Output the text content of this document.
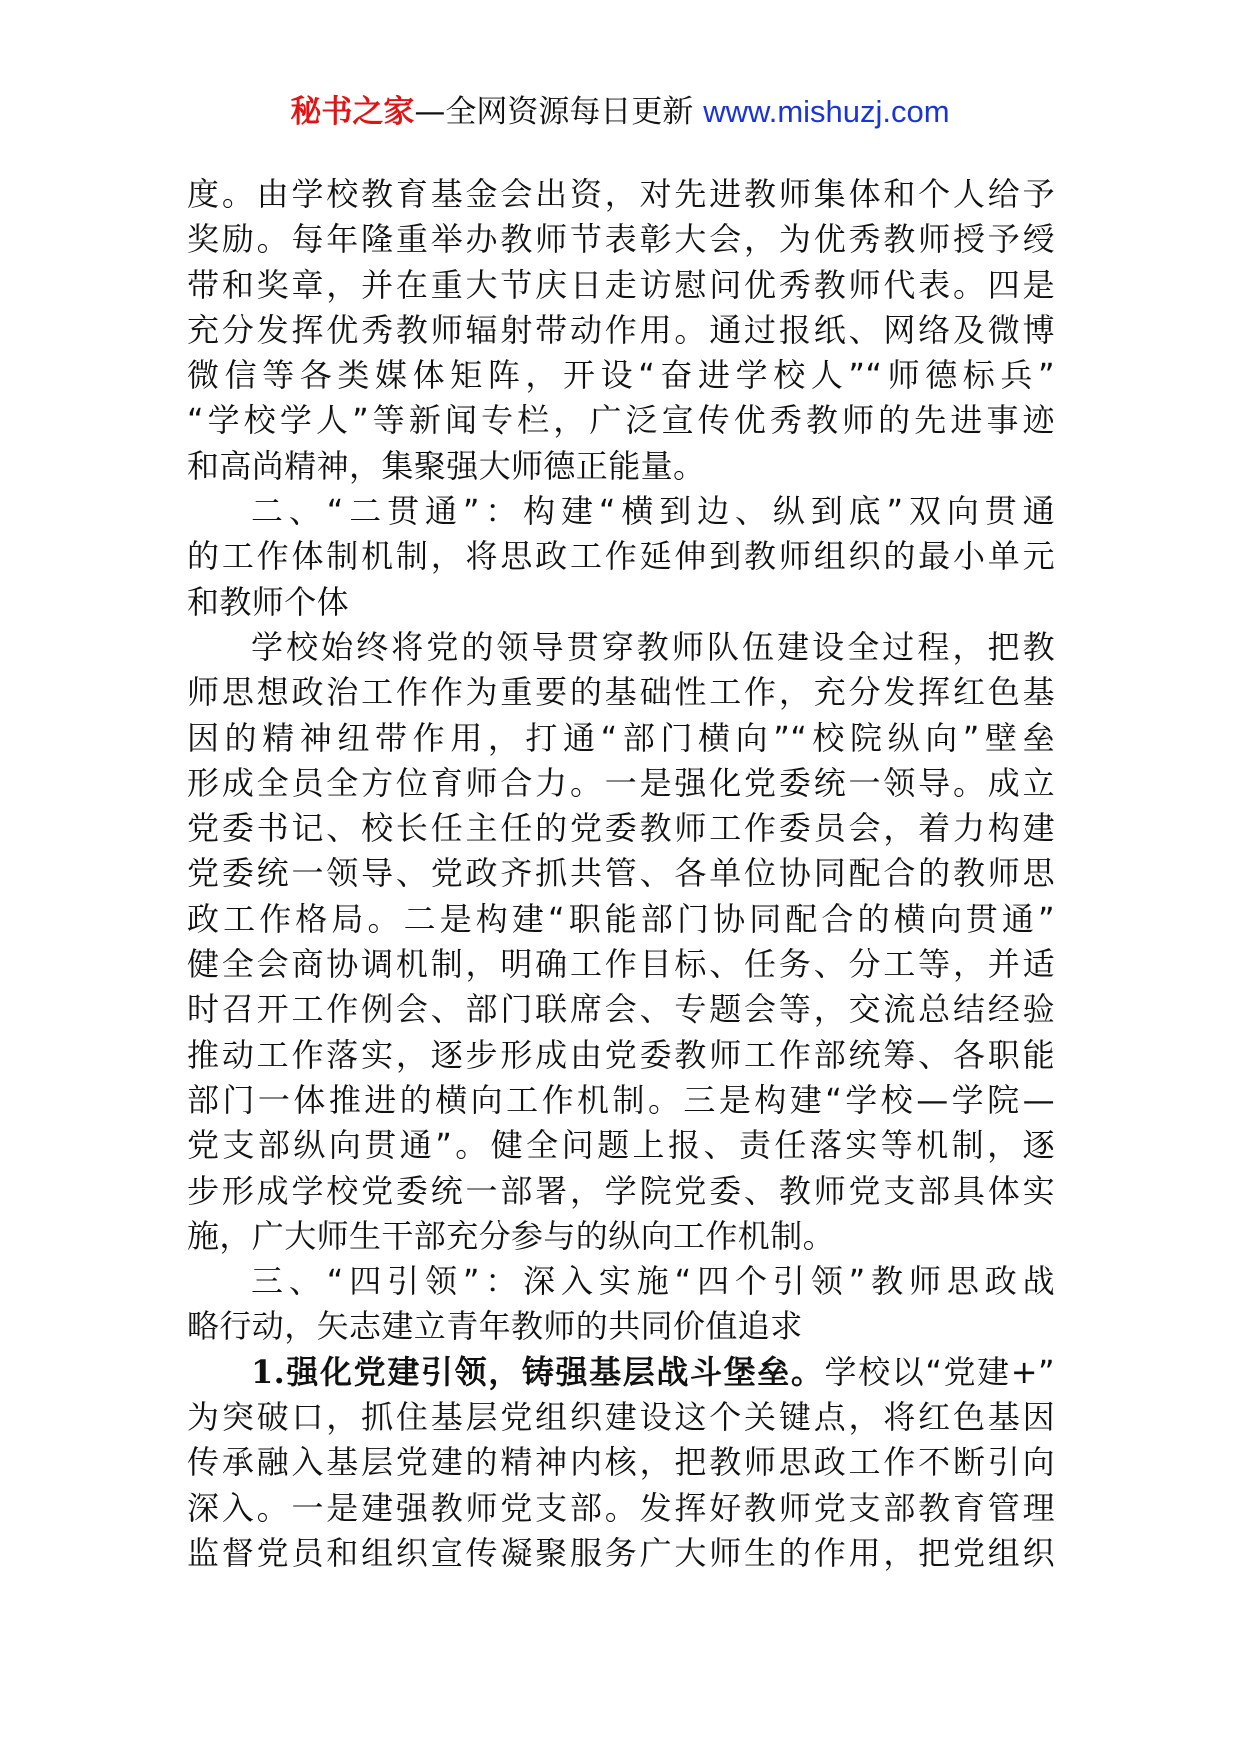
秘书之家—全网资源每日更新 www.mishuzj.com
度。由学校教育基金会出资，对先进教师集体和个人给予
奖励。每年隆重举办教师节表彰大会，为优秀教师授予绶
带和奖章，并在重大节庆日走访慰问优秀教师代表。四是
充分发挥优秀教师辐射带动作用。通过报纸、网络及微博
微信等各类媒体矩阵，开设“奋进学校人”“师德标兵”
“学校学人”等新闻专栏，广泛宣传优秀教师的先进事迹
和高尚精神，集聚强大师德正能量。
二、“二贯通”：构建“横到边、纵到底”双向贯通
的工作体制机制，将思政工作延伸到教师组织的最小单元
和教师个体
学校始终将党的领导贯穿教师队伍建设全过程，把教
师思想政治工作作为重要的基础性工作，充分发挥红色基
因的精神纽带作用，打通“部门横向”“校院纵向”壁垒
形成全员全方位育师合力。一是强化党委统一领导。成立
党委书记、校长任主任的党委教师工作委员会，着力构建
党委统一领导、党政齐抓共管、各单位协同配合的教师思
政工作格局。二是构建“职能部门协同配合的横向贯通”
健全会商协调机制，明确工作目标、任务、分工等，并适
时召开工作例会、部门联席会、专题会等，交流总结经验
推动工作落实，逐步形成由党委教师工作部统筹、各职能
部门一体推进的横向工作机制。三是构建“学校—学院—
党支部纵向贯通”。健全问题上报、责任落实等机制，逐
步形成学校党委统一部署，学院党委、教师党支部具体实
施，广大师生干部充分参与的纵向工作机制。
三、“四引领”：深入实施“四个引领”教师思政战
略行动，矢志建立青年教师的共同价值追求
1.强化党建引领，铸强基层战斗堡垒。学校以“党建+”
为突破口，抓住基层党组织建设这个关键点，将红色基因
传承融入基层党建的精神内核，把教师思政工作不断引向
深入。一是建强教师党支部。发挥好教师党支部教育管理
监督党员和组织宣传凝聚服务广大师生的作用，把党组织
